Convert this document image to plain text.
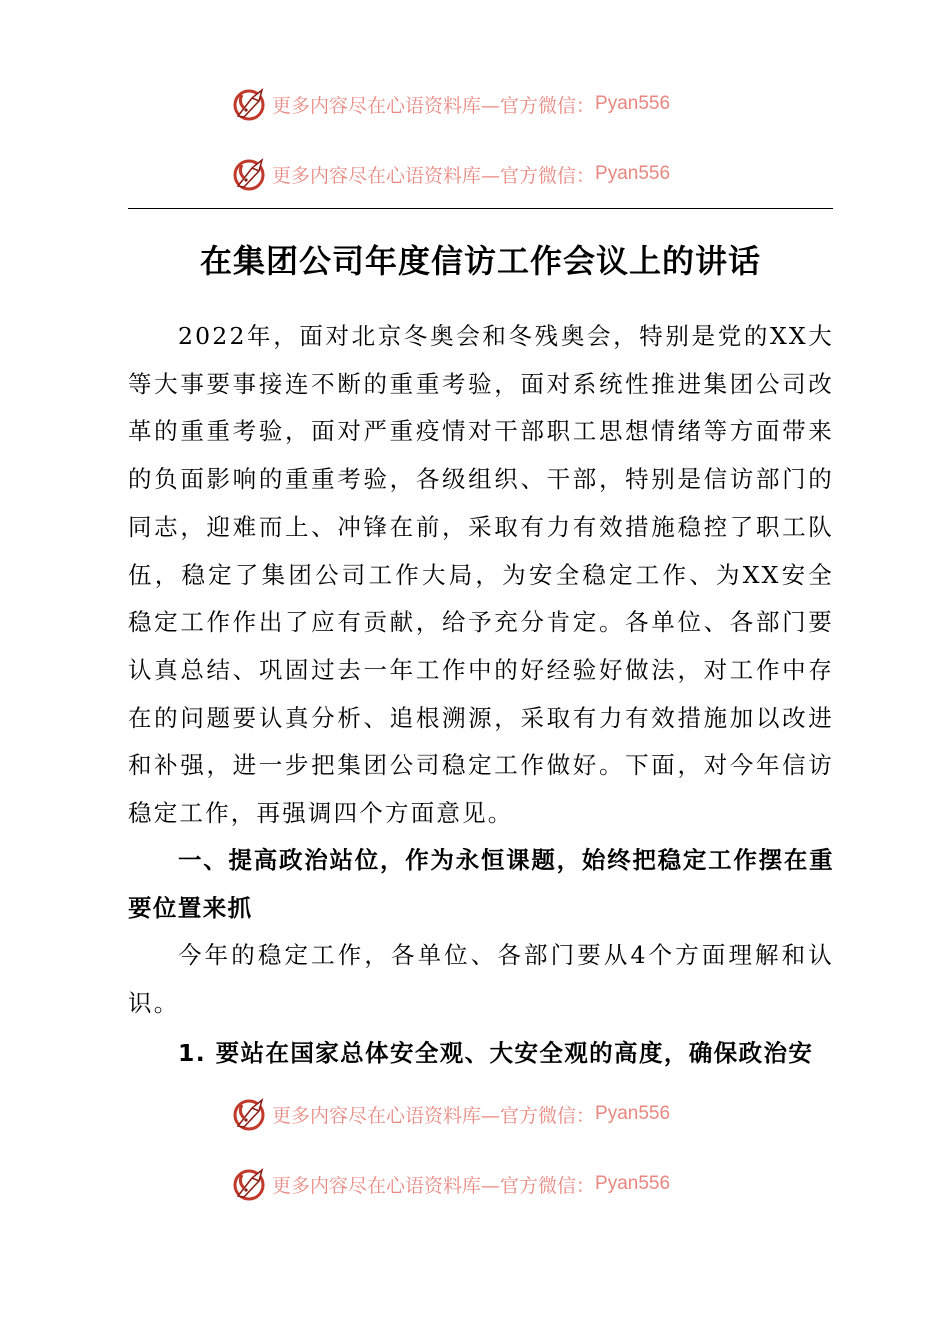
更多内容尽在心语资料库—官方微信： Pyan556
更多内容尽在心语资料库—官方微信： Pyan556
在集团公司年度信访工作会议上的讲话
2022年，面对北京冬奥会和冬残奥会，特别是党的XX大等大事要事接连不断的重重考验，面对系统性推进集团公司改革的重重考验，面对严重疫情对干部职工思想情绪等方面带来的负面影响的重重考验，各级组织、干部，特别是信访部门的同志，迎难而上、冲锋在前，采取有力有效措施稳控了职工队伍，稳定了集团公司工作大局，为安全稳定工作、为XX安全稳定工作作出了应有贡献，给予充分肯定。各单位、各部门要认真总结、巩固过去一年工作中的好经验好做法，对工作中存在的问题要认真分析、追根溯源，采取有力有效措施加以改进和补强，进一步把集团公司稳定工作做好。下面，对今年信访稳定工作，再强调四个方面意见。
一、提高政治站位，作为永恒课题，始终把稳定工作摆在重要位置来抓
今年的稳定工作，各单位、各部门要从4个方面理解和认识。
1. 要站在国家总体安全观、大安全观的高度，确保政治安
更多内容尽在心语资料库—官方微信： Pyan556
更多内容尽在心语资料库—官方微信： Pyan556
